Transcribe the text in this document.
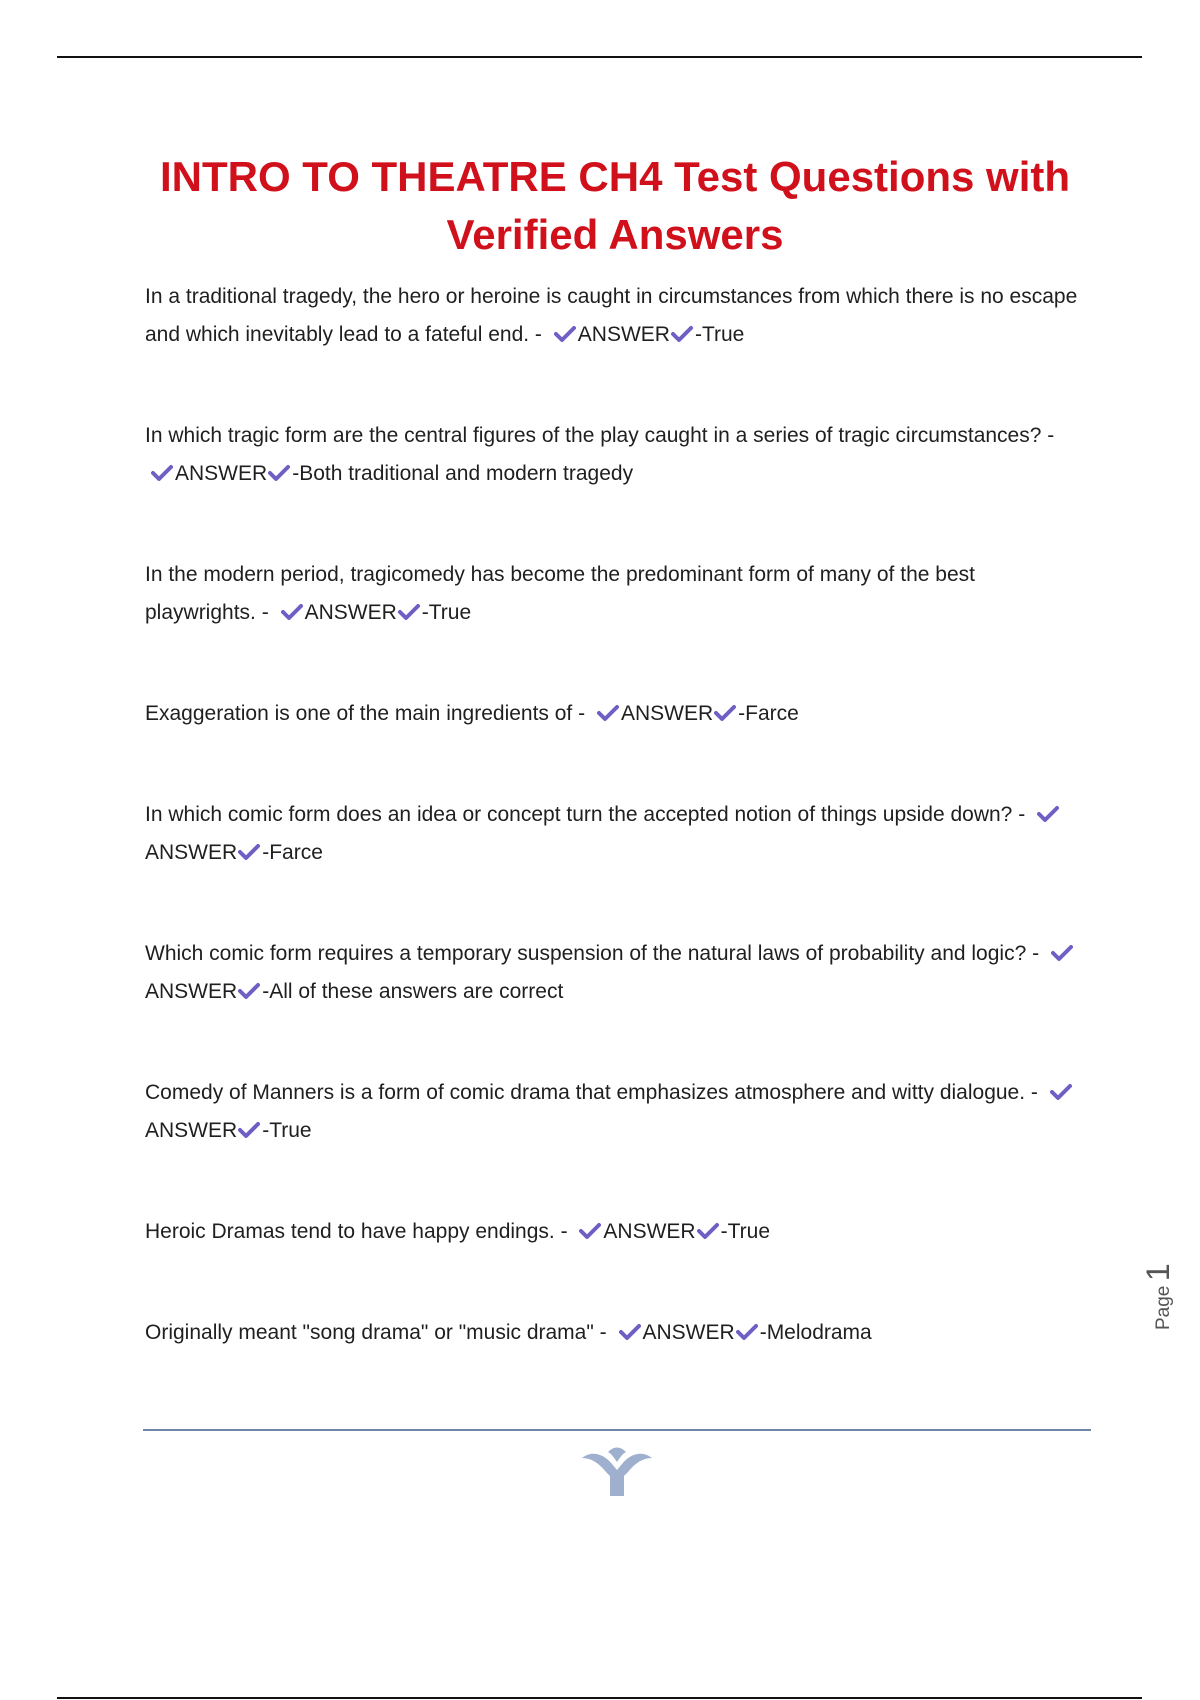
INTRO TO THEATRE CH4 Test Questions with Verified Answers

In a traditional tragedy, the hero or heroine is caught in circumstances from which there is no escape and which inevitably lead to a fateful end. - ANSWER -True

In which tragic form are the central figures of the play caught in a series of tragic circumstances? - ANSWER -Both traditional and modern tragedy

In the modern period, tragicomedy has become the predominant form of many of the best playwrights. - ANSWER -True

Exaggeration is one of the main ingredients of - ANSWER -Farce

In which comic form does an idea or concept turn the accepted notion of things upside down? - ANSWER -Farce

Which comic form requires a temporary suspension of the natural laws of probability and logic? - ANSWER -All of these answers are correct

Comedy of Manners is a form of comic drama that emphasizes atmosphere and witty dialogue. - ANSWER -True

Heroic Dramas tend to have happy endings. - ANSWER -True

Originally meant "song drama" or "music drama" - ANSWER -Melodrama

Page 1
